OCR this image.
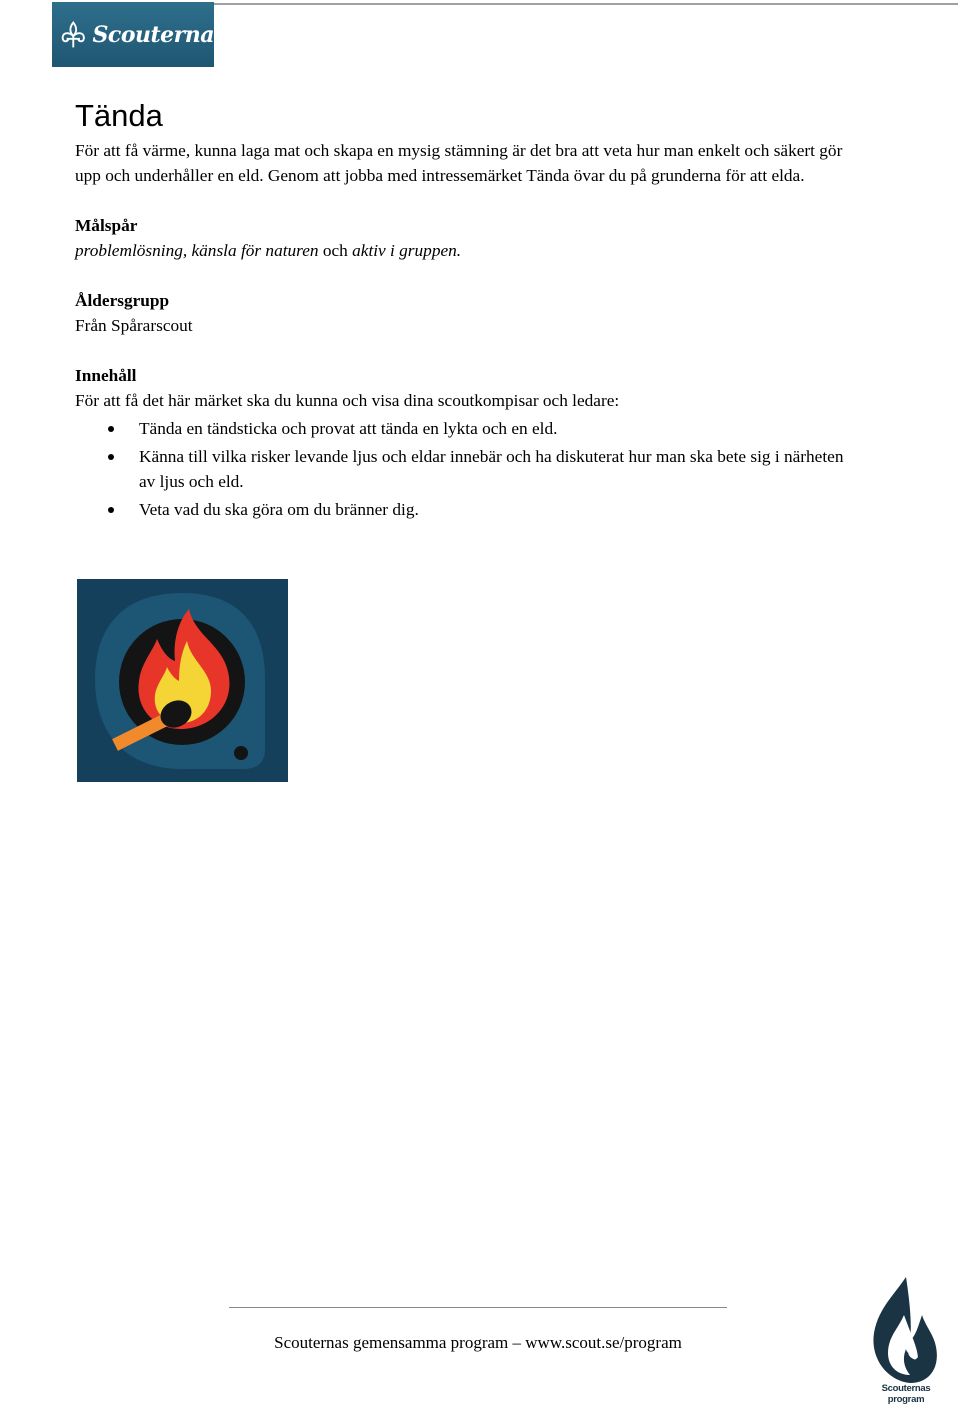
Scouterna
Tända

För att få värme, kunna laga mat och skapa en mysig stämning är det bra att veta hur man enkelt och säkert gör upp och underhåller en eld. Genom att jobba med intressemärket Tända övar du på grunderna för att elda.

Målspår

problemlösning, känsla för naturen och aktiv i gruppen.

Åldersgrupp

Från Spårarscout

Innehåll

För att få det här märket ska du kunna och visa dina scoutkompisar och ledare:

Tända en tändsticka och provat att tända en lykta och en eld.
Känna till vilka risker levande ljus och eldar innebär och ha diskuterat hur man ska bete sig i närheten av ljus och eld.
Veta vad du ska göra om du bränner dig.
Scouternas gemensamma program – www.scout.se/program
Scouternas program
